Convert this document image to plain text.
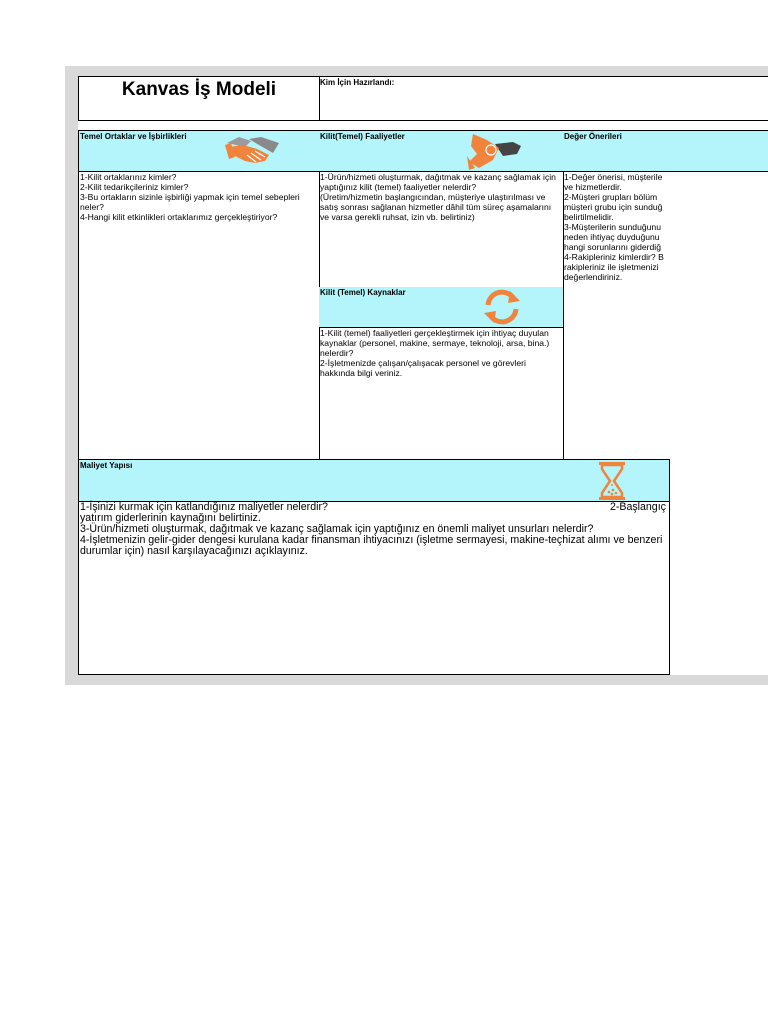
Kanvas İş Modeli	Kim İçin Hazırlandı:
Temel Ortaklar ve İşbirlikleri	Kilit(Temel) Faaliyetler	Değer Önerileri
1-Kilit ortaklarınız kimler?
2-Kilit tedarikçileriniz kimler?
3-Bu ortakların sizinle işbirliği yapmak için temel sebepleri neler?
4-Hangi kilit etkinlikleri ortaklarımız gerçekleştiriyor?
1-Ürün/hizmeti oluşturmak, dağıtmak ve kazanç sağlamak için yaptığınız kilit (temel) faaliyetler nelerdir?
(Üretim/hizmetin başlangıcından, müşteriye ulaştırılması ve satış sonrası sağlanan hizmetler dâhil tüm süreç aşamalarını ve varsa gerekli ruhsat, izin vb. belirtiniz)
Kilit (Temel) Kaynaklar
1-Kilit (temel) faaliyetleri gerçekleştirmek için ihtiyaç duyulan kaynaklar (personel, makine, sermaye, teknoloji, arsa, bina.) nelerdir?
2-İşletmenizde çalışan/çalışacak personel ve görevleri hakkında bilgi veriniz.
1-Değer önerisi, müşterile
ve hizmetlerdir.
2-Müşteri grupları bölüm
müşteri grubu için sunduğ
belirtilmelidir.
3-Müşterilerin sunduğunu
neden ihtiyaç duyduğunu
hangi sorunlarını giderdiğ
4-Rakipleriniz kimlerdir? B
rakipleriniz ile işletmenizi
değerlendiriniz.
Maliyet Yapısı
1-İşinizi kurmak için katlandığınız maliyetler nelerdir?	2-Başlangıç
yatırım giderlerinin kaynağını belirtiniz.
3-Ürün/hizmeti oluşturmak, dağıtmak ve kazanç sağlamak için yaptığınız en önemli maliyet unsurları nelerdir?
4-İşletmenizin gelir-gider dengesi kurulana kadar finansman ihtiyacınızı (işletme sermayesi, makine-teçhizat alımı ve benzeri durumlar için) nasıl karşılayacağınızı açıklayınız.
